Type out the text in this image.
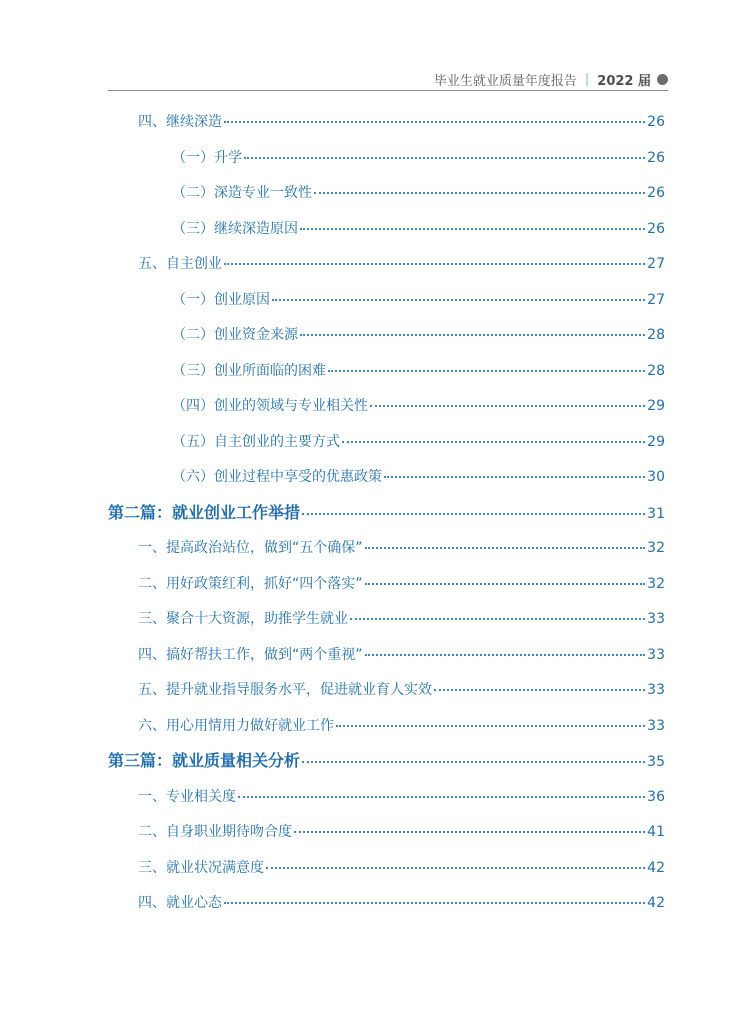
毕业生就业质量年度报告 | 2022 届
四、继续深造	26
（一）升学	26
（二）深造专业一致性	26
（三）继续深造原因	26
五、自主创业	27
（一）创业原因	27
（二）创业资金来源	28
（三）创业所面临的困难	28
（四）创业的领域与专业相关性	29
（五）自主创业的主要方式	29
（六）创业过程中享受的优惠政策	30
第二篇：就业创业工作举措	31
一、提高政治站位，做到“五个确保”	32
二、用好政策红利，抓好“四个落实”	32
三、聚合十大资源，助推学生就业	33
四、搞好帮扶工作，做到“两个重视”	33
五、提升就业指导服务水平，促进就业育人实效	33
六、用心用情用力做好就业工作	33
第三篇：就业质量相关分析	35
一、专业相关度	36
二、自身职业期待吻合度	41
三、就业状况满意度	42
四、就业心态	42
